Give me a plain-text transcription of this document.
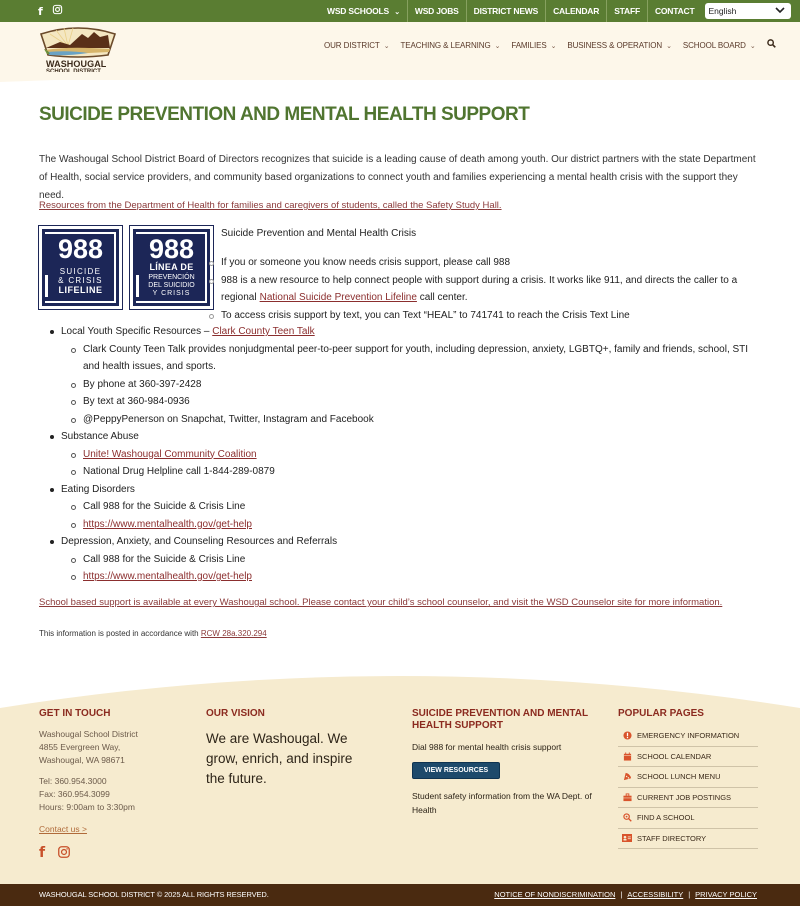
f	WSD SCHOOLS ⌄	WSD JOBS	DISTRICT NEWS	CALENDAR	STAFF	CONTACT	English
WASHOUGAL
OUR DISTRICT ⌄ TEACHING & LEARNING ⌄ FAMILIES ⌄ BUSINESS & OPERATION ⌄ SCHOOL BOARD ⌄
SUICIDE PREVENTION AND MENTAL HEALTH SUPPORT

The Washougal School District Board of Directors recognizes that suicide is a leading cause of death among youth. Our district partners with the state Department of Health, social service providers, and community based organizations to connect youth and families experiencing a mental health crisis with the support they need.

Resources from the Department of Health for families and caregivers of students, called the Safety Study Hall.
988
SUICIDE
& CRISIS
LIFELINE
988
LÍNEA DE
PREVENCIÓN
DEL SUICIDIO
Y CRISIS
Suicide Prevention and Mental Health Crisis
If you or someone you know needs crisis support, please call 988
988 is a new resource to help connect people with support during a crisis. It works like 911, and directs the caller to a regional National Suicide Prevention Lifeline call center.
To access crisis support by text, you can Text “HEAL” to 741741 to reach the Crisis Text Line
Local Youth Specific Resources – Clark County Teen Talk
Clark County Teen Talk provides nonjudgmental peer-to-peer support for youth, including depression, anxiety, LGBTQ+, family and friends, school, STI and health issues, and sports.
By phone at 360-397-2428
By text at 360-984-0936
@PeppyPenerson on Snapchat, Twitter, Instagram and Facebook
Substance Abuse
Unite! Washougal Community Coalition
National Drug Helpline call 1-844-289-0879
Eating Disorders
Call 988 for the Suicide & Crisis Line
https://www.mentalhealth.gov/get-help
Depression, Anxiety, and Counseling Resources and Referrals
Call 988 for the Suicide & Crisis Line
https://www.mentalhealth.gov/get-help
School based support is available at every Washougal school. Please contact your child’s school counselor, and visit the WSD Counselor site for more information.
This information is posted in accordance with RCW 28a.320.294
GET IN TOUCH
Washougal School District
4855 Evergreen Way,
Washougal, WA 98671
Tel: 360.954.3000
Fax: 360.954.3099
Hours: 9:00am to 3:30pm
Contact us >
f
OUR VISION
We are Washougal. We grow, enrich, and inspire the future.
SUICIDE PREVENTION AND MENTAL HEALTH SUPPORT
Dial 988 for mental health crisis support
VIEW RESOURCES
Student safety information from the WA Dept. of Health
POPULAR PAGES
EMERGENCY INFORMATION
SCHOOL CALENDAR
SCHOOL LUNCH MENU
CURRENT JOB POSTINGS
FIND A SCHOOL
STAFF DIRECTORY
WASHOUGAL SCHOOL DISTRICT © 2025 ALL RIGHTS RESERVED.	NOTICE OF NONDISCRIMINATION | ACCESSIBILITY | PRIVACY POLICY
